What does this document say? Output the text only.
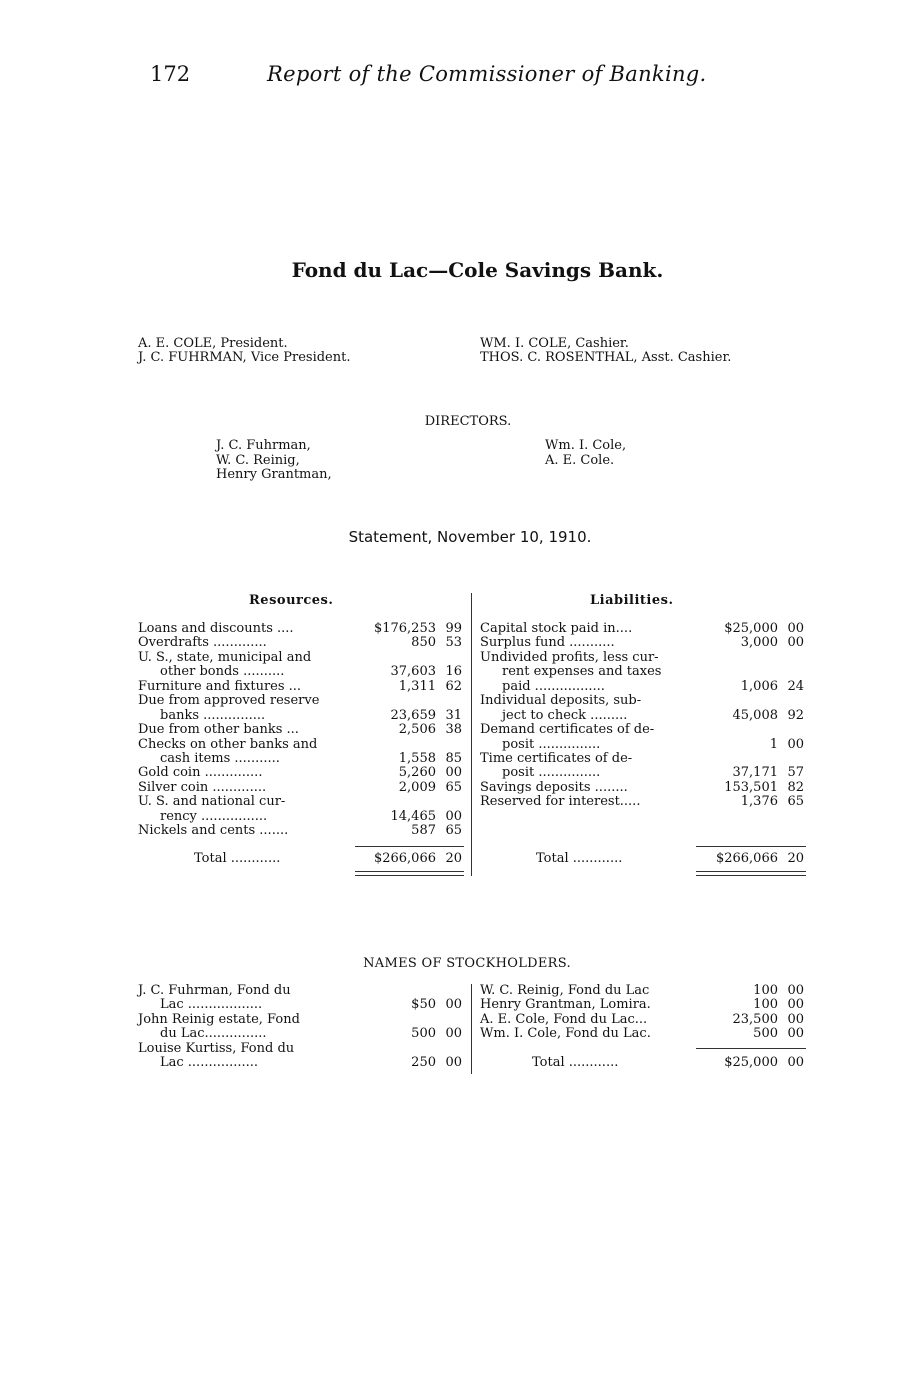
172	Report of the Commissioner of Banking.
Fond du Lac—Cole Savings Bank.
A. E. COLE, President.
J. C. FUHRMAN, Vice President.
WM. I. COLE, Cashier.
THOS. C. ROSENTHAL, Asst. Cashier.
DIRECTORS.
J. C. Fuhrman,
W. C. Reinig,
Henry Grantman,
Wm. I. Cole,
A. E. Cole.
Statement, November 10, 1910.
Resources.	Liabilities.
Loans and discounts ....	$176,253 99
Overdrafts .............	850 53
U. S., state, municipal and
other bonds ..........	37,603 16
Furniture and fixtures ...	1,311 62
Due from approved reserve
banks ...............	23,659 31
Due from other banks ...	2,506 38
Checks on other banks and
cash items ...........	1,558 85
Gold coin ..............	5,260 00
Silver coin .............	2,009 65
U. S. and national cur-
rency ................	14,465 00
Nickels and cents .......	587 65
Capital stock paid in....	$25,000 00
Surplus fund ...........	3,000 00
Undivided profits, less cur-
rent expenses and taxes
paid .................	1,006 24
Individual deposits, sub-
ject to check .........	45,008 92
Demand certificates of de-
posit ...............	1 00
Time certificates of de-
posit ...............	37,171 57
Savings deposits ........	153,501 82
Reserved for interest.....	1,376 65
Total ............	$266,066 20	Total ............	$266,066 20
NAMES OF STOCKHOLDERS.
J. C. Fuhrman, Fond du
Lac ..................	$50 00
John Reinig estate, Fond
du Lac...............	500 00
Louise Kurtiss, Fond du
Lac .................	250 00
W. C. Reinig, Fond du Lac	100 00
Henry Grantman, Lomira.	100 00
A. E. Cole, Fond du Lac...	23,500 00
Wm. I. Cole, Fond du Lac.	500 00
Total ............	$25,000 00
